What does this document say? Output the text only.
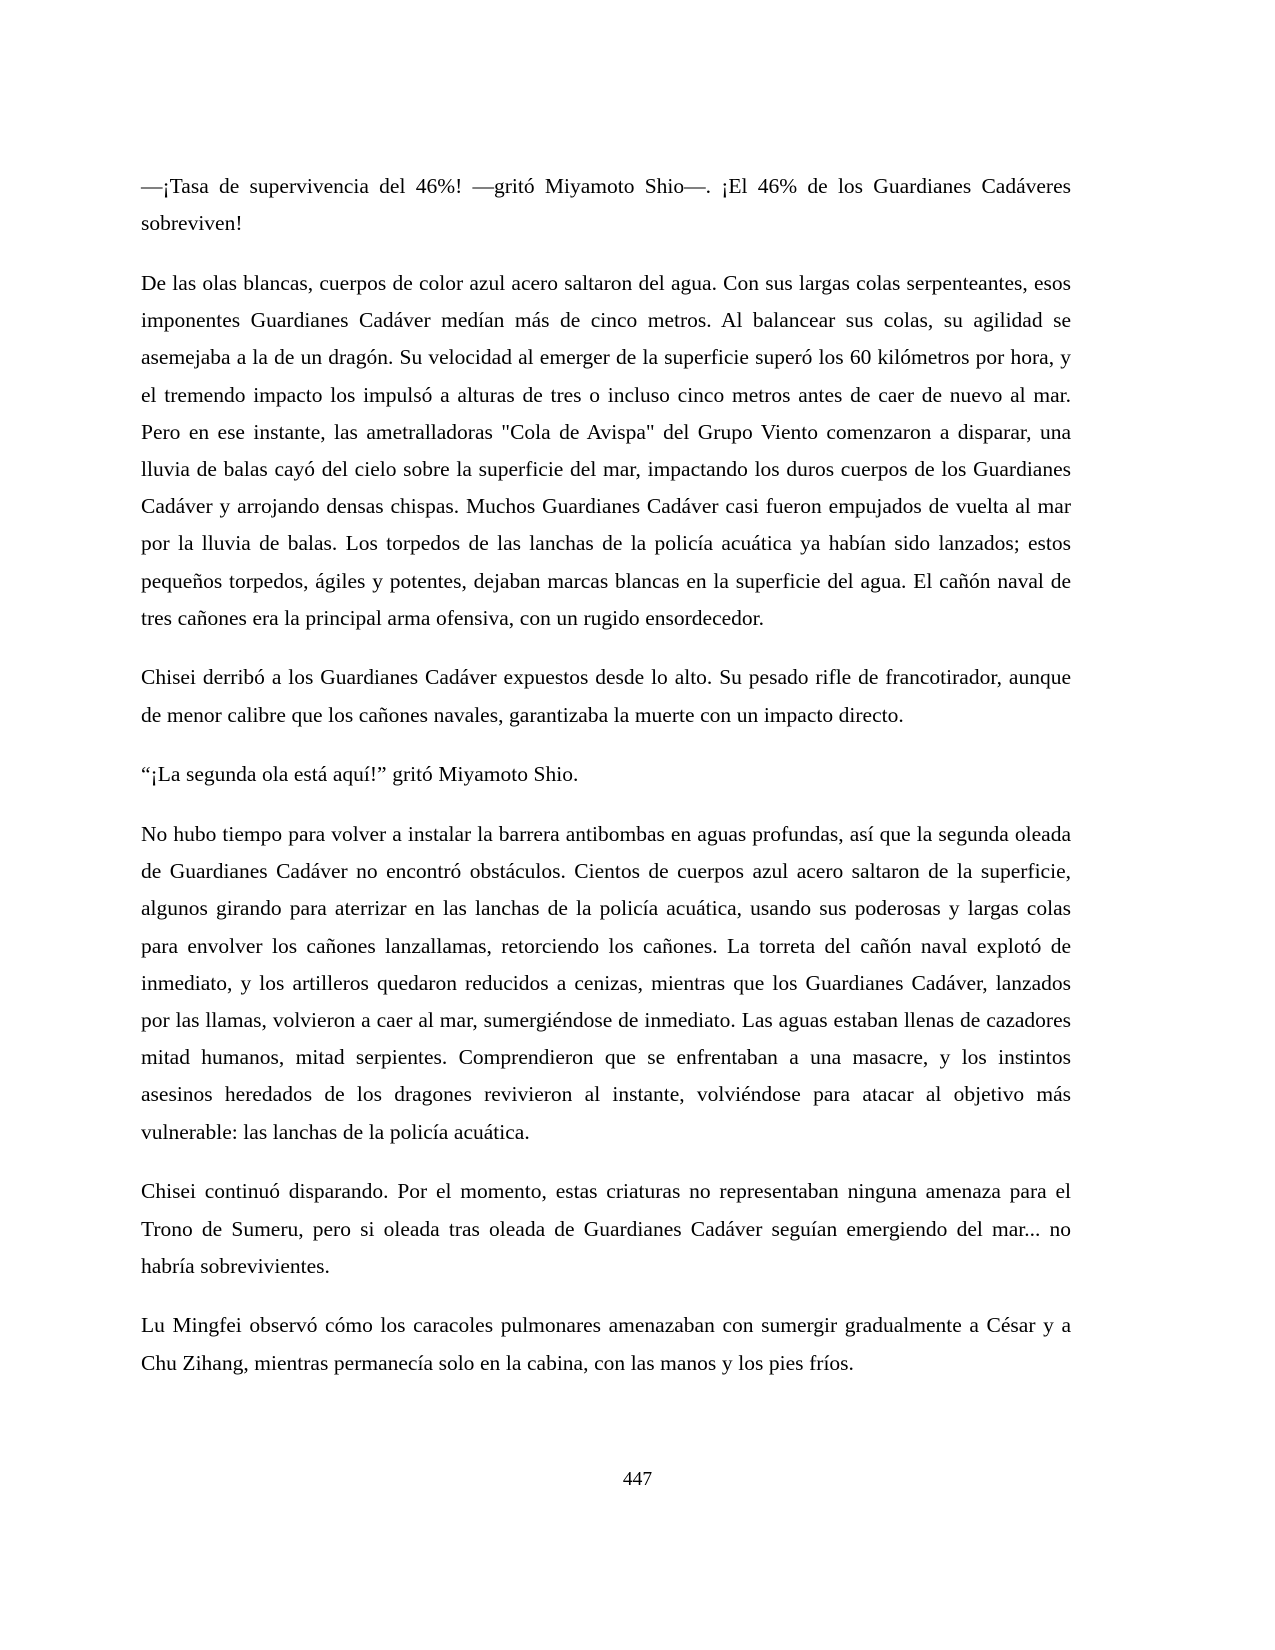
—¡Tasa de supervivencia del 46%! —gritó Miyamoto Shio—. ¡El 46% de los Guardianes Cadáveres sobreviven!

De las olas blancas, cuerpos de color azul acero saltaron del agua. Con sus largas colas serpenteantes, esos imponentes Guardianes Cadáver medían más de cinco metros. Al balancear sus colas, su agilidad se asemejaba a la de un dragón. Su velocidad al emerger de la superficie superó los 60 kilómetros por hora, y el tremendo impacto los impulsó a alturas de tres o incluso cinco metros antes de caer de nuevo al mar. Pero en ese instante, las ametralladoras "Cola de Avispa" del Grupo Viento comenzaron a disparar, una lluvia de balas cayó del cielo sobre la superficie del mar, impactando los duros cuerpos de los Guardianes Cadáver y arrojando densas chispas. Muchos Guardianes Cadáver casi fueron empujados de vuelta al mar por la lluvia de balas. Los torpedos de las lanchas de la policía acuática ya habían sido lanzados; estos pequeños torpedos, ágiles y potentes, dejaban marcas blancas en la superficie del agua. El cañón naval de tres cañones era la principal arma ofensiva, con un rugido ensordecedor.

Chisei derribó a los Guardianes Cadáver expuestos desde lo alto. Su pesado rifle de francotirador, aunque de menor calibre que los cañones navales, garantizaba la muerte con un impacto directo.

“¡La segunda ola está aquí!” gritó Miyamoto Shio.

No hubo tiempo para volver a instalar la barrera antibombas en aguas profundas, así que la segunda oleada de Guardianes Cadáver no encontró obstáculos. Cientos de cuerpos azul acero saltaron de la superficie, algunos girando para aterrizar en las lanchas de la policía acuática, usando sus poderosas y largas colas para envolver los cañones lanzallamas, retorciendo los cañones. La torreta del cañón naval explotó de inmediato, y los artilleros quedaron reducidos a cenizas, mientras que los Guardianes Cadáver, lanzados por las llamas, volvieron a caer al mar, sumergiéndose de inmediato. Las aguas estaban llenas de cazadores mitad humanos, mitad serpientes. Comprendieron que se enfrentaban a una masacre, y los instintos asesinos heredados de los dragones revivieron al instante, volviéndose para atacar al objetivo más vulnerable: las lanchas de la policía acuática.

Chisei continuó disparando. Por el momento, estas criaturas no representaban ninguna amenaza para el Trono de Sumeru, pero si oleada tras oleada de Guardianes Cadáver seguían emergiendo del mar... no habría sobrevivientes.

Lu Mingfei observó cómo los caracoles pulmonares amenazaban con sumergir gradualmente a César y a Chu Zihang, mientras permanecía solo en la cabina, con las manos y los pies fríos.

447
